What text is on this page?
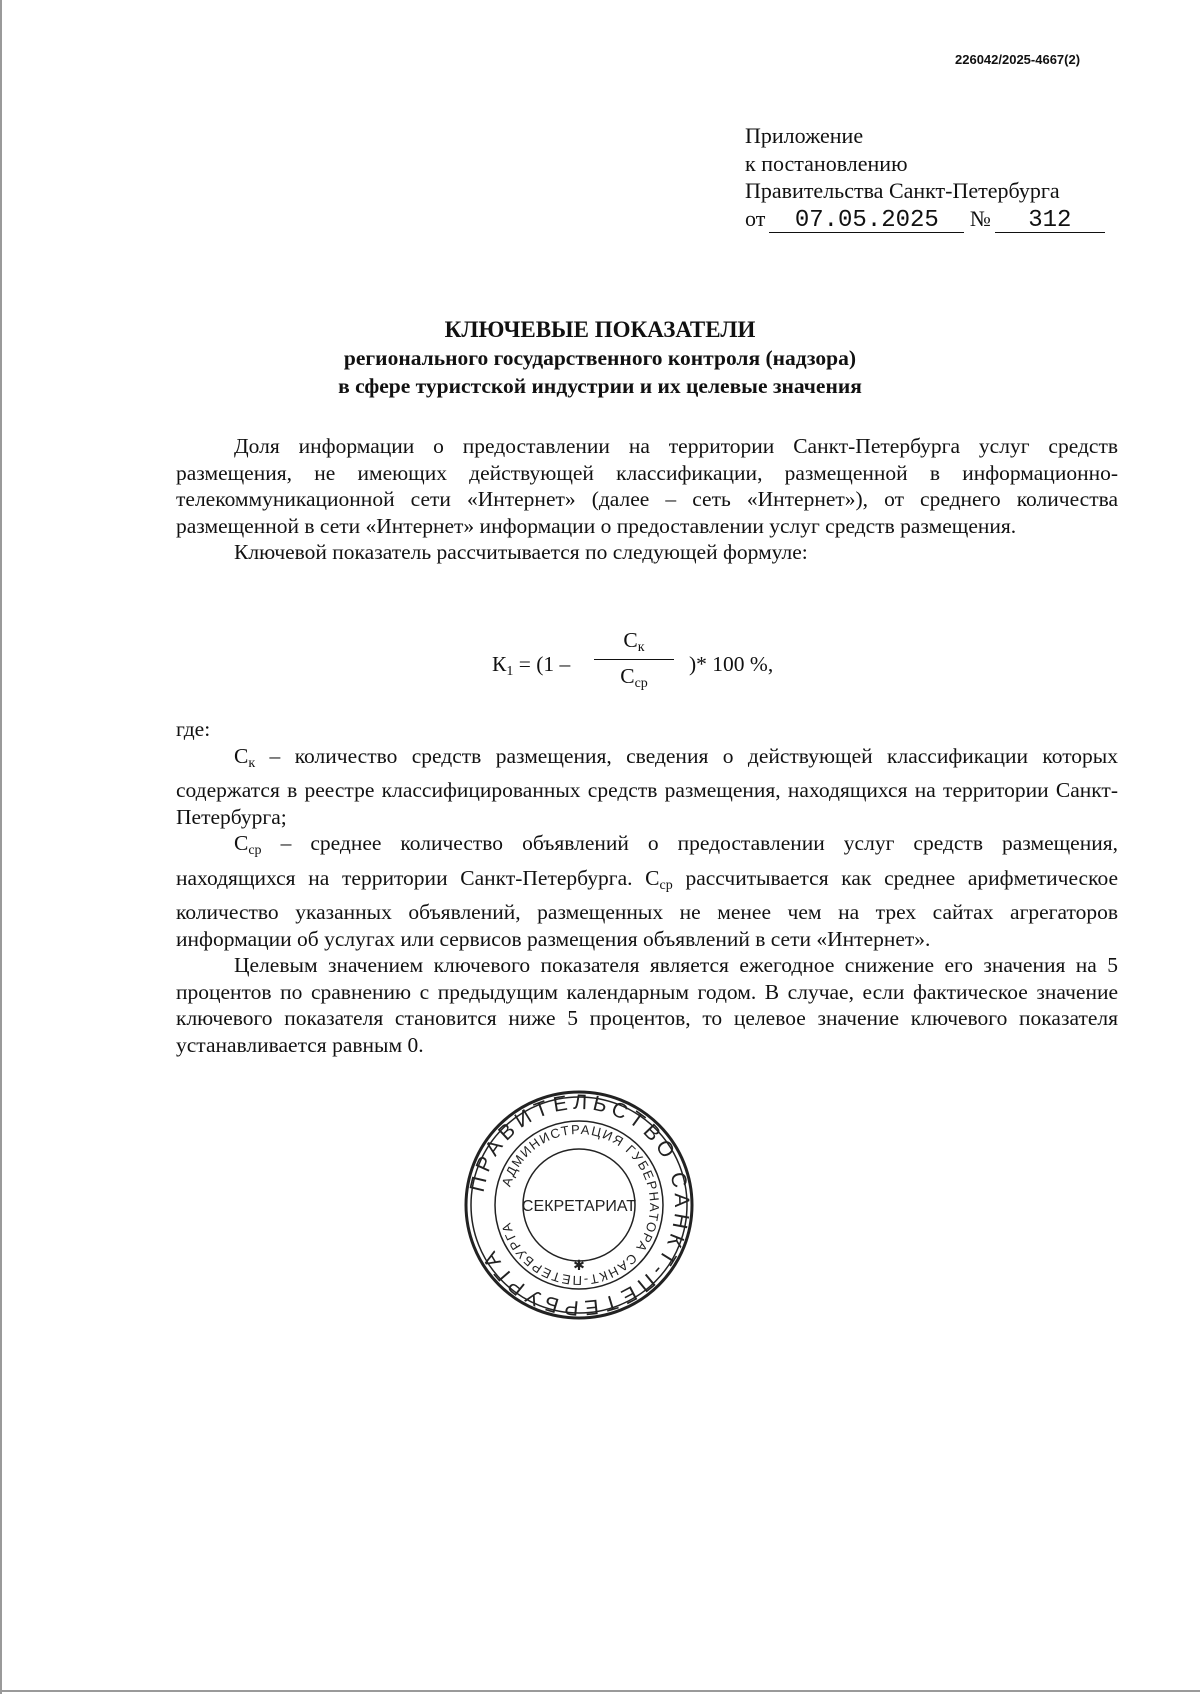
226042/2025-4667(2)
Приложение
к постановлению
Правительства Санкт-Петербурга
от 07.05.2025 № 312
КЛЮЧЕВЫЕ ПОКАЗАТЕЛИ
регионального государственного контроля (надзора)
в сфере туристской индустрии и их целевые значения

Доля информации о предоставлении на территории Санкт-Петербурга услуг средств размещения, не имеющих действующей классификации, размещенной в информационно-телекоммуникационной сети «Интернет» (далее – сеть «Интернет»), от среднего количества размещенной в сети «Интернет» информации о предоставлении услуг средств размещения.

Ключевой показатель рассчитывается по следующей формуле:

$К_1 = (1$ –
$С_к$
$С_{ср}$
)* 100 %,

где:

$С_к$ – количество средств размещения, сведения о действующей классификации которых содержатся в реестре классифицированных средств размещения, находящихся на территории Санкт-Петербурга;

$С_{ср}$ – среднее количество объявлений о предоставлении услуг средств размещения, находящихся на территории Санкт-Петербурга. $С_{ср}$ рассчитывается как среднее арифметическое количество указанных объявлений, размещенных не менее чем на трех сайтах агрегаторов информации об услугах или сервисов размещения объявлений в сети «Интернет».

Целевым значением ключевого показателя является ежегодное снижение его значения на 5 процентов по сравнению с предыдущим календарным годом. В случае, если фактическое значение ключевого показателя становится ниже 5 процентов, то целевое значение ключевого показателя устанавливается равным 0.

ПРАВИТЕЛЬСТВО САНКТ-ПЕТЕРБУРГА
АДМИНИСТРАЦИЯ ГУБЕРНАТОРА САНКТ-ПЕТЕРБУРГА
СЕКРЕТАРИАТ
✱
